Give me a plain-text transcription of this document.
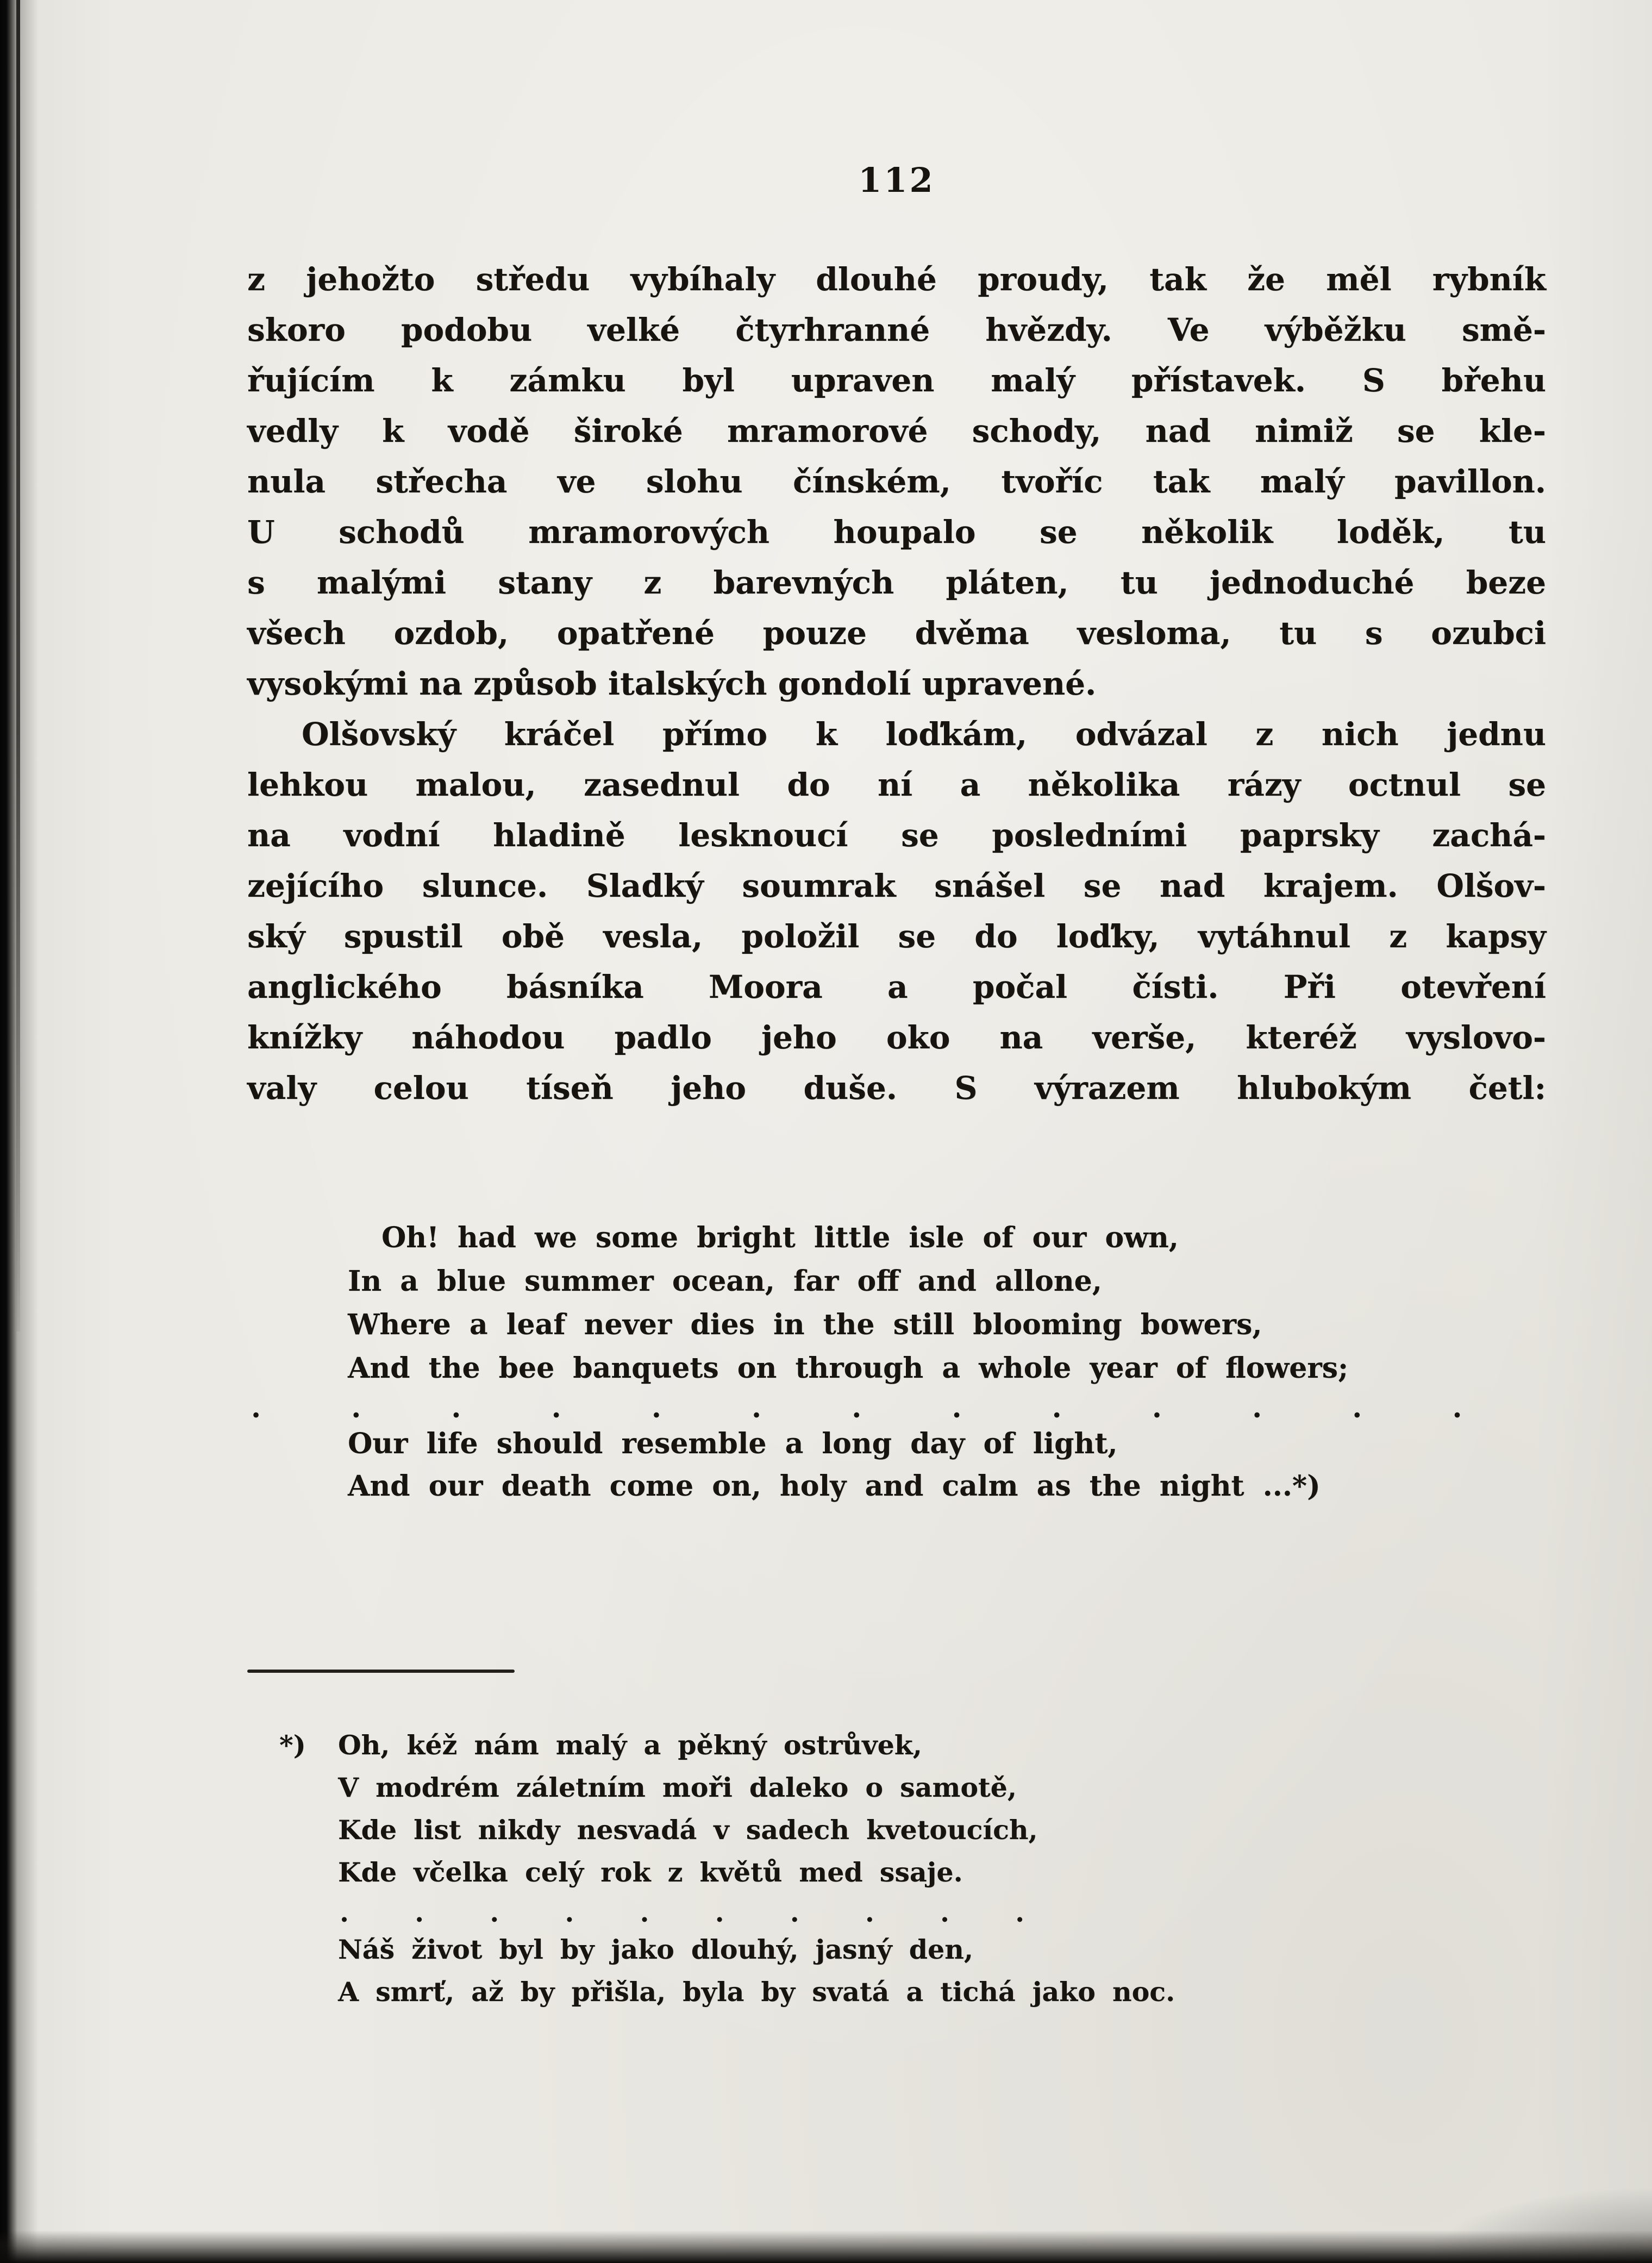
112
z jehožto středu vybíhaly dlouhé proudy, tak že měl rybník
skoro podobu velké čtyrhranné hvězdy. Ve výběžku smě-
řujícím k zámku byl upraven malý přístavek. S břehu
vedly k vodě široké mramorové schody, nad nimiž se kle-
nula střecha ve slohu čínském, tvoříc tak malý pavillon.
U schodů mramorových houpalo se několik loděk, tu
s malými stany z barevných pláten, tu jednoduché beze
všech ozdob, opatřené pouze dvěma vesloma, tu s ozubci
vysokými na způsob italských gondolí upravené.
Olšovský kráčel přímo k loďkám, odvázal z nich jednu
lehkou malou, zasednul do ní a několika rázy octnul se
na vodní hladině lesknoucí se posledními paprsky zachá-
zejícího slunce. Sladký soumrak snášel se nad krajem. Olšov-
ský spustil obě vesla, položil se do loďky, vytáhnul z kapsy
anglického básníka Moora a počal čísti. Při otevření
knížky náhodou padlo jeho oko na verše, kteréž vyslovo-
valy celou tíseň jeho duše. S výrazem hlubokým četl:
Oh! had we some bright little isle of our own,
In a blue summer ocean, far off and allone,
Where a leaf never dies in the still blooming bowers,
And the bee banquets on through a whole year of flowers;
. . . . . . . . . . . . .
Our life should resemble a long day of light,
And our death come on, holy and calm as the night ...*)
*) Oh, kéž nám malý a pěkný ostrůvek,
V modrém záletním moři daleko o samotě,
Kde list nikdy nesvadá v sadech kvetoucích,
Kde včelka celý rok z květů med ssaje.
. . . . . . . . . .
Náš život byl by jako dlouhý, jasný den,
A smrť, až by přišla, byla by svatá a tichá jako noc.
